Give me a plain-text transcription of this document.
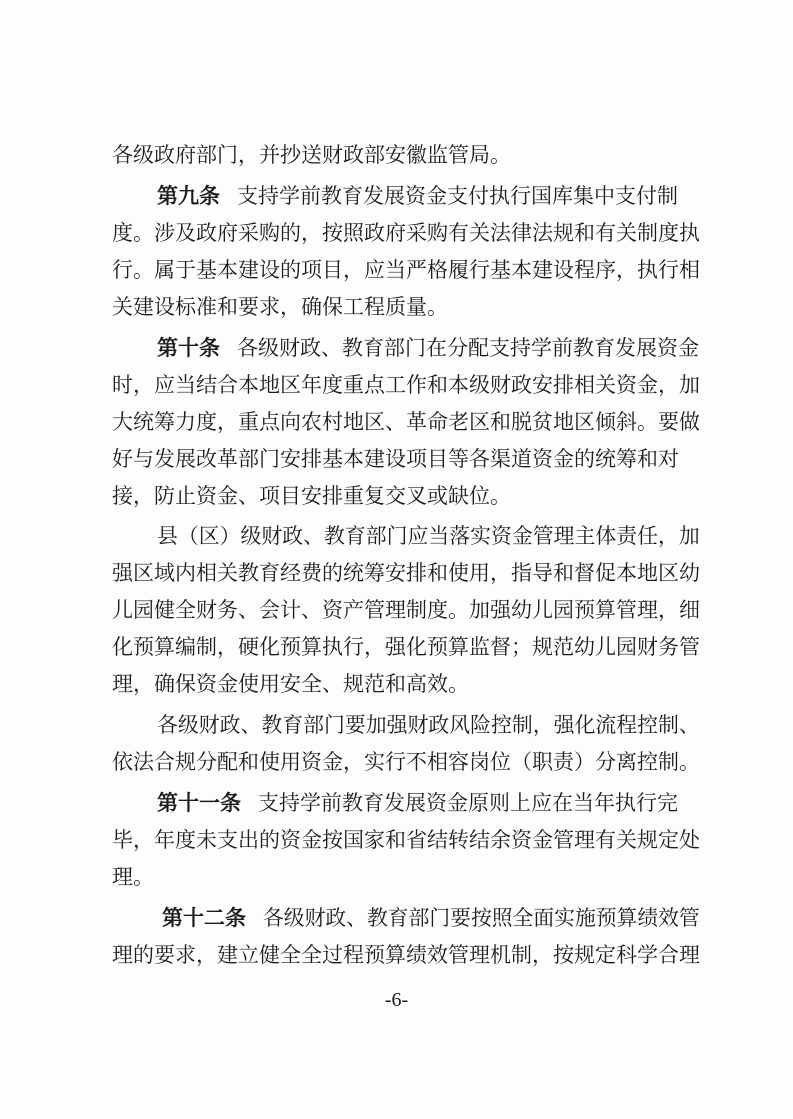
各级政府部门，并抄送财政部安徽监管局。
第九条 支持学前教育发展资金支付执行国库集中支付制
度。涉及政府采购的，按照政府采购有关法律法规和有关制度执
行。属于基本建设的项目，应当严格履行基本建设程序，执行相
关建设标准和要求，确保工程质量。
第十条 各级财政、教育部门在分配支持学前教育发展资金
时，应当结合本地区年度重点工作和本级财政安排相关资金，加
大统筹力度，重点向农村地区、革命老区和脱贫地区倾斜。要做
好与发展改革部门安排基本建设项目等各渠道资金的统筹和对
接，防止资金、项目安排重复交叉或缺位。
县（区）级财政、教育部门应当落实资金管理主体责任，加
强区域内相关教育经费的统筹安排和使用，指导和督促本地区幼
儿园健全财务、会计、资产管理制度。加强幼儿园预算管理，细
化预算编制，硬化预算执行，强化预算监督；规范幼儿园财务管
理，确保资金使用安全、规范和高效。
各级财政、教育部门要加强财政风险控制，强化流程控制、
依法合规分配和使用资金，实行不相容岗位（职责）分离控制。
第十一条 支持学前教育发展资金原则上应在当年执行完
毕，年度未支出的资金按国家和省结转结余资金管理有关规定处
理。
第十二条 各级财政、教育部门要按照全面实施预算绩效管
理的要求，建立健全全过程预算绩效管理机制，按规定科学合理
-6-
